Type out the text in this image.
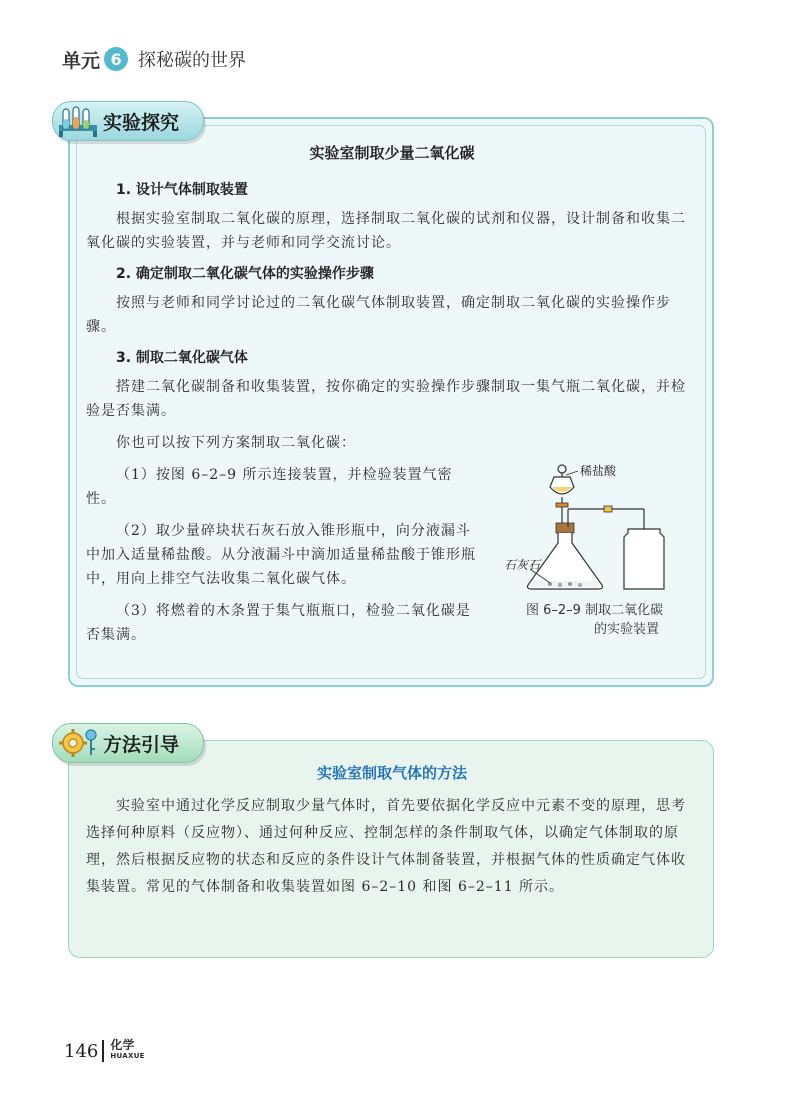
单元 6 探秘碳的世界
实验探究
实验室制取少量二氧化碳
1. 设计气体制取装置

根据实验室制取二氧化碳的原理，选择制取二氧化碳的试剂和仪器，设计制备和收集二氧化碳的实验装置，并与老师和同学交流讨论。

2. 确定制取二氧化碳气体的实验操作步骤

按照与老师和同学讨论过的二氧化碳气体制取装置，确定制取二氧化碳的实验操作步骤。

3. 制取二氧化碳气体

搭建二氧化碳制备和收集装置，按你确定的实验操作步骤制取一集气瓶二氧化碳，并检验是否集满。

你也可以按下列方案制取二氧化碳：

（1）按图 6–2–9 所示连接装置，并检验装置气密性。

（2）取少量碎块状石灰石放入锥形瓶中，向分液漏斗中加入适量稀盐酸。从分液漏斗中滴加适量稀盐酸于锥形瓶中，用向上排空气法收集二氧化碳气体。

（3）将燃着的木条置于集气瓶瓶口，检验二氧化碳是否集满。

稀盐酸
石灰石
图 6–2–9 制取二氧化碳
的实验装置
方法引导
实验室制取气体的方法

实验室中通过化学反应制取少量气体时，首先要依据化学反应中元素不变的原理，思考选择何种原料（反应物）、通过何种反应、控制怎样的条件制取气体，以确定气体制取的原理，然后根据反应物的状态和反应的条件设计气体制备装置，并根据气体的性质确定气体收集装置。常见的气体制备和收集装置如图 6–2–10 和图 6–2–11 所示。

146 化学
HUAXUE
